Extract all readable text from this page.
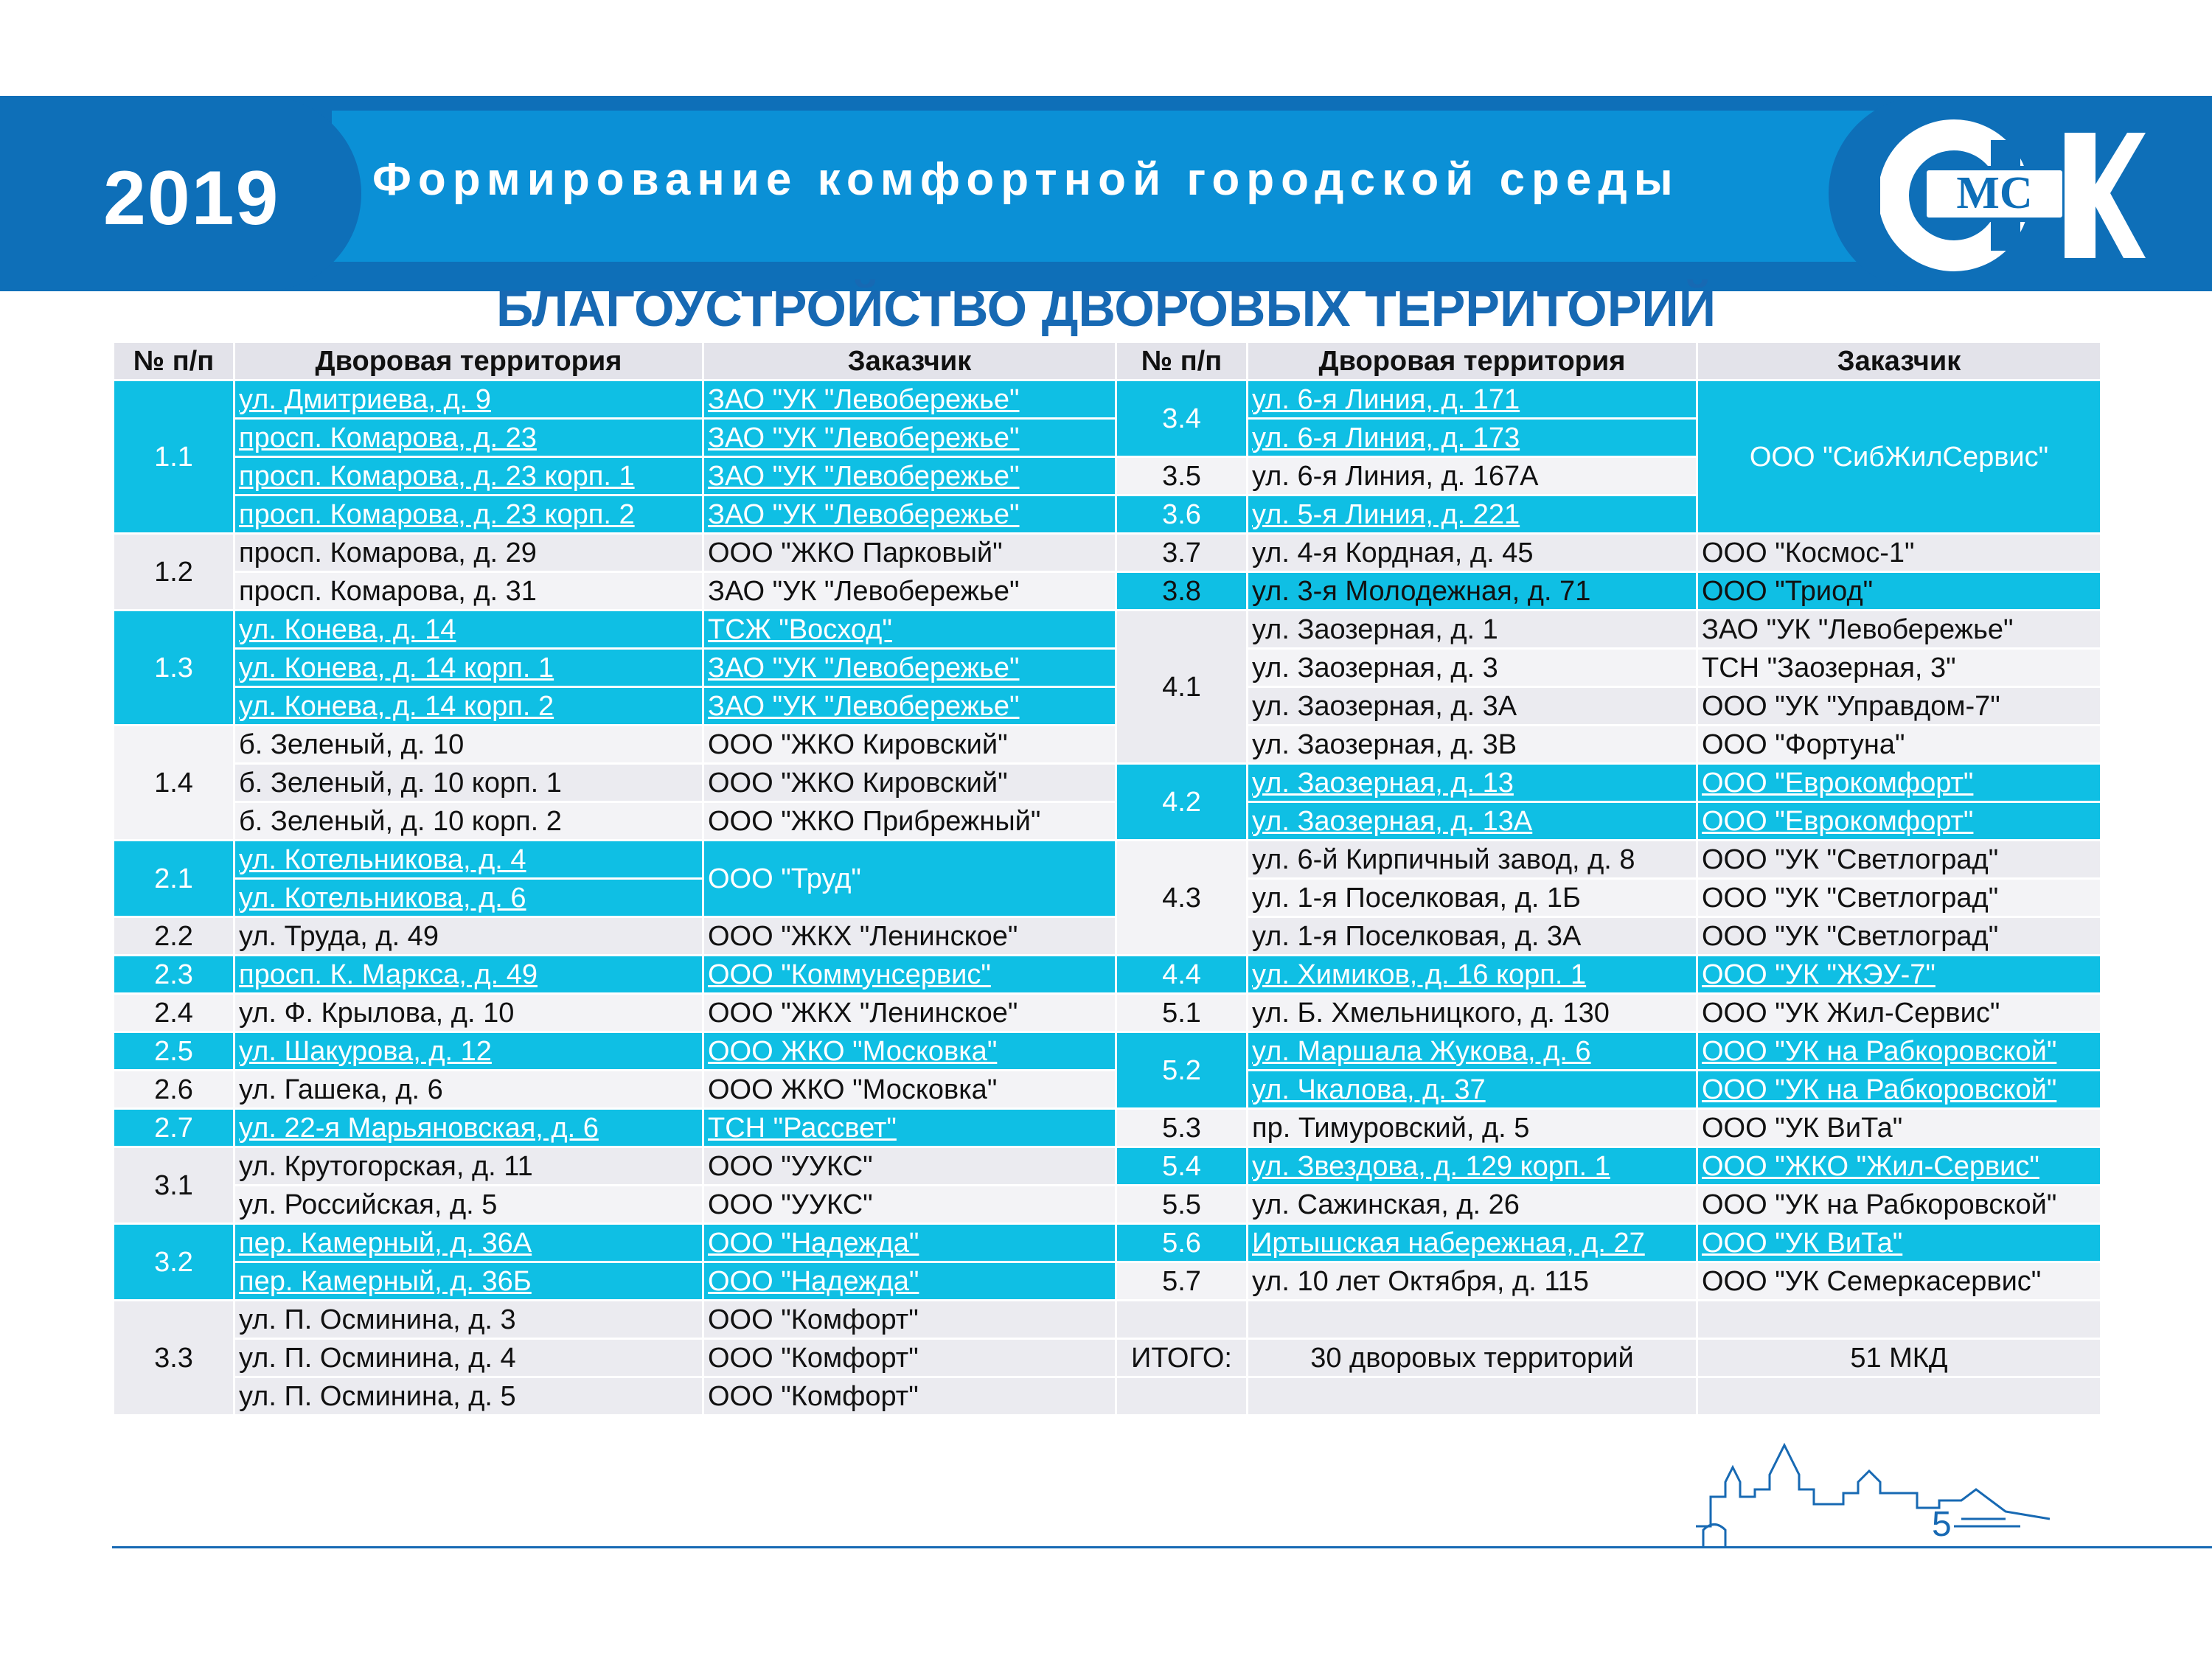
2019 Формирование комфортной городской среды	МС
БЛАГОУСТРОЙСТВО ДВОРОВЫХ ТЕРРИТОРИЙ
№ п/п	Дворовая территория	Заказчик	№ п/п	Дворовая территория	Заказчик
1.1	ул. Дмитриева, д. 9	ЗАО "УК "Левобережье"	3.4	ул. 6-я Линия, д. 171	ООО "СибЖилСервис"
	просп. Комарова, д. 23	ЗАО "УК "Левобережье"		ул. 6-я Линия, д. 173	
	просп. Комарова, д. 23 корп. 1	ЗАО "УК "Левобережье"	3.5	ул. 6-я Линия, д. 167А	
	просп. Комарова, д. 23 корп. 2	ЗАО "УК "Левобережье"	3.6	ул. 5-я Линия, д. 221	
1.2	просп. Комарова, д. 29	ООО "ЖКО Парковый"	3.7	ул. 4-я Кордная, д. 45	ООО "Космос-1"
	просп. Комарова, д. 31	ЗАО "УК "Левобережье"	3.8	ул. 3-я Молодежная, д. 71	ООО "Триод"
1.3	ул. Конева, д. 14	ТСЖ "Восход"	4.1	ул. Заозерная, д. 1	ЗАО "УК "Левобережье"
	ул. Конева, д. 14 корп. 1	ЗАО "УК "Левобережье"		ул. Заозерная, д. 3	ТСН "Заозерная, 3"
	ул. Конева, д. 14 корп. 2	ЗАО "УК "Левобережье"		ул. Заозерная, д. 3А	ООО "УК "Управдом-7"
1.4	б. Зеленый, д. 10	ООО "ЖКО Кировский"		ул. Заозерная, д. 3В	ООО "Фортуна"
	б. Зеленый, д. 10 корп. 1	ООО "ЖКО Кировский"	4.2	ул. Заозерная, д. 13	ООО "Еврокомфорт"
	б. Зеленый, д. 10 корп. 2	ООО "ЖКО Прибрежный"		ул. Заозерная, д. 13А	ООО "Еврокомфорт"
2.1	ул. Котельникова, д. 4	ООО "Труд"	4.3	ул. 6-й Кирпичный завод, д. 8	ООО "УК "Светлоград"
	ул. Котельникова, д. 6			ул. 1-я Поселковая, д. 1Б	ООО "УК "Светлоград"
2.2	ул. Труда, д. 49	ООО "ЖКХ "Ленинское"		ул. 1-я Поселковая, д. 3А	ООО "УК "Светлоград"
2.3	просп. К. Маркса, д. 49	ООО "Коммунсервис"	4.4	ул. Химиков, д. 16 корп. 1	ООО "УК "ЖЭУ-7"
2.4	ул. Ф. Крылова, д. 10	ООО "ЖКХ "Ленинское"	5.1	ул. Б. Хмельницкого, д. 130	ООО "УК Жил-Сервис"
2.5	ул. Шакурова, д. 12	ООО ЖКО "Московка"	5.2	ул. Маршала Жукова, д. 6	ООО "УК на Рабкоровской"
2.6	ул. Гашека, д. 6	ООО ЖКО "Московка"		ул. Чкалова, д. 37	ООО "УК на Рабкоровской"
2.7	ул. 22-я Марьяновская, д. 6	ТСН "Рассвет"	5.3	пр. Тимуровский, д. 5	ООО "УК ВиТа"
3.1	ул. Крутогорская, д. 11	ООО "УУКС"	5.4	ул. Звездова, д. 129 корп. 1	ООО "ЖКО "Жил-Сервис"
	ул. Российская, д. 5	ООО "УУКС"	5.5	ул. Сажинская, д. 26	ООО "УК на Рабкоровской"
3.2	пер. Камерный, д. 36А	ООО "Надежда"	5.6	Иртышская набережная, д. 27	ООО "УК ВиТа"
	пер. Камерный, д. 36Б	ООО "Надежда"	5.7	ул. 10 лет Октября, д. 115	ООО "УК Семеркасервис"
3.3	ул. П. Осминина, д. 3	ООО "Комфорт"			
	ул. П. Осминина, д. 4	ООО "Комфорт"	ИТОГО:	30 дворовых территорий	51 МКД
	ул. П. Осминина, д. 5	ООО "Комфорт"			
5
